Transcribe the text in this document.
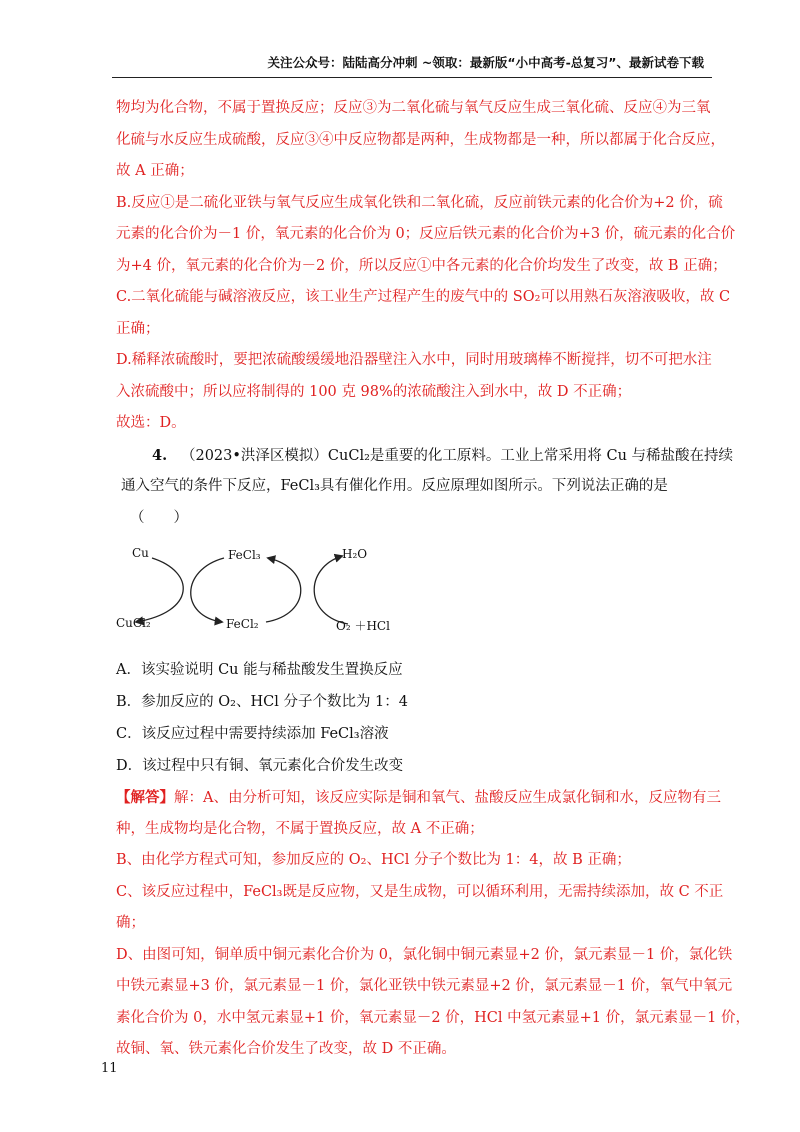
关注公众号：陆陆高分冲刺 ~领取：最新版“小中高考-总复习”、最新试卷下载
物均为化合物，不属于置换反应；反应③为二氧化硫与氧气反应生成三氧化硫、反应④为三氧
化硫与水反应生成硫酸，反应③④中反应物都是两种，生成物都是一种，所以都属于化合反应，
故 A 正确；
B.反应①是二硫化亚铁与氧气反应生成氧化铁和二氧化硫，反应前铁元素的化合价为+2 价，硫
元素的化合价为－1 价，氧元素的化合价为 0；反应后铁元素的化合价为+3 价，硫元素的化合价
为+4 价，氧元素的化合价为－2 价，所以反应①中各元素的化合价均发生了改变，故 B 正确；
C.二氧化硫能与碱溶液反应，该工业生产过程产生的废气中的 SO₂可以用熟石灰溶液吸收，故 C
正确；
D.稀释浓硫酸时，要把浓硫酸缓缓地沿器壁注入水中，同时用玻璃棒不断搅拌，切不可把水注
入浓硫酸中；所以应将制得的 100 克 98%的浓硫酸注入到水中，故 D 不正确；
故选：D。
4. （2023•洪泽区模拟）CuCl₂是重要的化工原料。工业上常采用将 Cu 与稀盐酸在持续
通入空气的条件下反应，FeCl₃具有催化作用。反应原理如图所示。下列说法正确的是
（　　）
Cu
CuCl₂
FeCl₃
FeCl₂
H₂O
O₂ ＋HCl
A．该实验说明 Cu 能与稀盐酸发生置换反应
B．参加反应的 O₂、HCl 分子个数比为 1：4
C．该反应过程中需要持续添加 FeCl₃溶液
D．该过程中只有铜、氧元素化合价发生改变
【解答】解：A、由分析可知，该反应实际是铜和氧气、盐酸反应生成氯化铜和水，反应物有三
种，生成物均是化合物，不属于置换反应，故 A 不正确；
B、由化学方程式可知，参加反应的 O₂、HCl 分子个数比为 1：4，故 B 正确；
C、该反应过程中，FeCl₃既是反应物，又是生成物，可以循环利用，无需持续添加，故 C 不正
确；
D、由图可知，铜单质中铜元素化合价为 0，氯化铜中铜元素显+2 价，氯元素显－1 价，氯化铁
中铁元素显+3 价，氯元素显－1 价，氯化亚铁中铁元素显+2 价，氯元素显－1 价，氧气中氧元
素化合价为 0，水中氢元素显+1 价，氧元素显－2 价，HCl 中氢元素显+1 价，氯元素显－1 价，
故铜、氧、铁元素化合价发生了改变，故 D 不正确。
11
